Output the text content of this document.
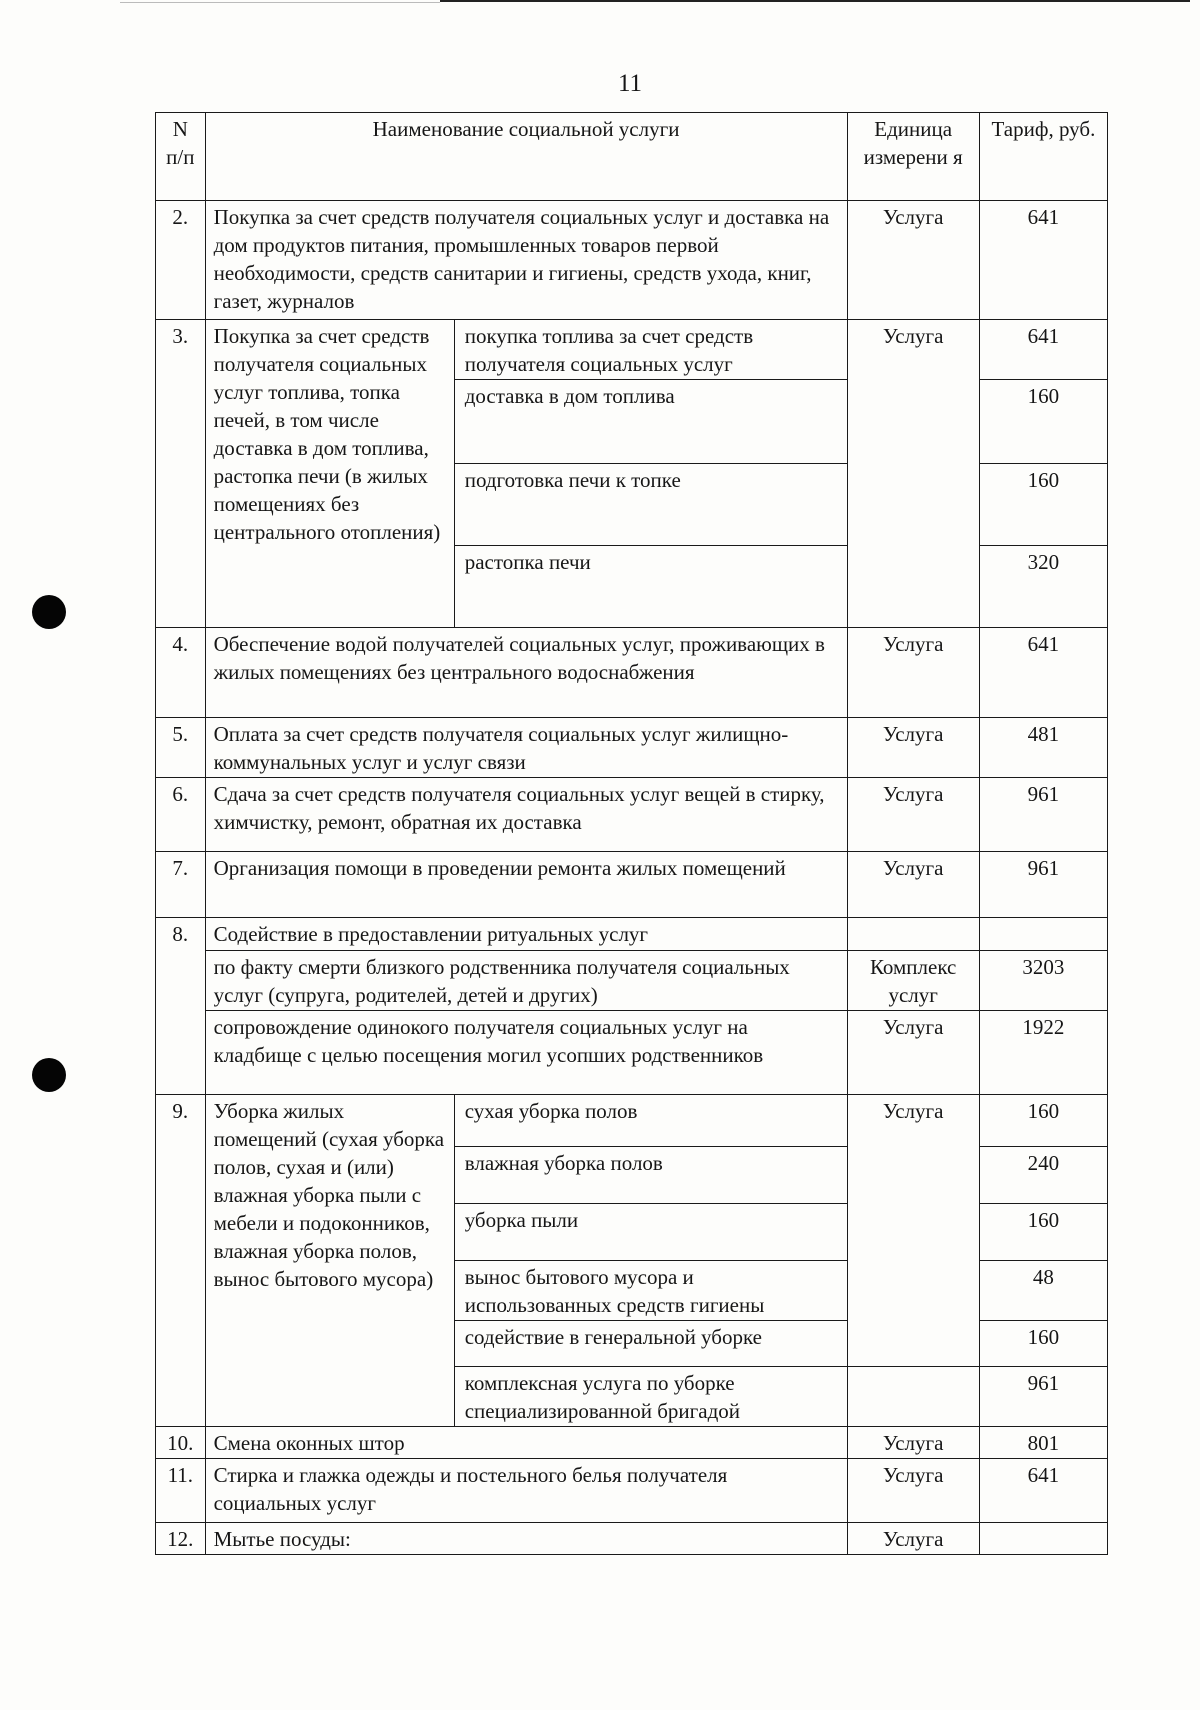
11
N п/п	Наименование социальной услуги		Единица измерени я	Тариф, руб.
2.	Покупка за счет средств получателя социальных услуг и доставка на дом продуктов питания, промышленных товаров первой необходимости, средств санитарии и гигиены, средств ухода, книг, газет, журналов		Услуга	641
3.	Покупка за счет средств получателя социальных услуг топлива, топка печей, в том числе доставка в дом топлива, растопка печи (в жилых помещениях без центрального отопления)	покупка топлива за счет средств получателя социальных услуг	Услуга	641
		доставка в дом топлива		160
		подготовка печи к топке		160
		растопка печи		320
4.	Обеспечение водой получателей социальных услуг, проживающих в жилых помещениях без центрального водоснабжения		Услуга	641
5.	Оплата за счет средств получателя социальных услуг жилищно-коммунальных услуг и услуг связи		Услуга	481
6.	Сдача за счет средств получателя социальных услуг вещей в стирку, химчистку, ремонт, обратная их доставка		Услуга	961
7.	Организация помощи в проведении ремонта жилых помещений		Услуга	961
8.	Содействие в предоставлении ритуальных услуг			
	по факту смерти близкого родственника получателя социальных услуг (супруга, родителей, детей и других)		Комплекс услуг	3203
	сопровождение одинокого получателя социальных услуг на кладбище с целью посещения могил усопших родственников		Услуга	1922
9.	Уборка жилых помещений (сухая уборка полов, сухая и (или) влажная уборка пыли с мебели и подоконников, влажная уборка полов, вынос бытового мусора)	сухая уборка полов	Услуга	160
		влажная уборка полов		240
		уборка пыли		160
		вынос бытового мусора и использованных средств гигиены		48
		содействие в генеральной уборке		160
		комплексная услуга по уборке специализированной бригадой		961
10.	Смена оконных штор		Услуга	801
11.	Стирка и глажка одежды и постельного белья получателя социальных услуг		Услуга	641
12.	Мытье посуды:		Услуга	
